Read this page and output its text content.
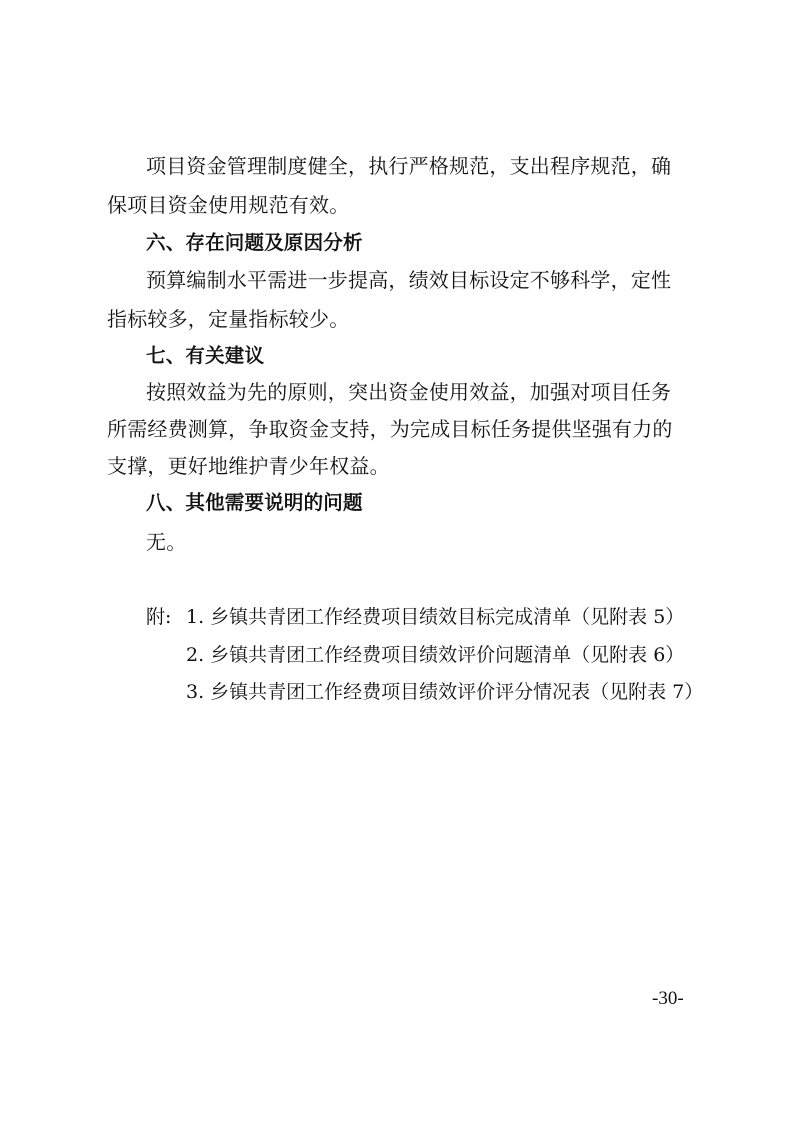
项目资金管理制度健全，执行严格规范，支出程序规范，确
保项目资金使用规范有效。
六、存在问题及原因分析
预算编制水平需进一步提高，绩效目标设定不够科学，定性
指标较多，定量指标较少。
七、有关建议
按照效益为先的原则，突出资金使用效益，加强对项目任务
所需经费测算，争取资金支持，为完成目标任务提供坚强有力的
支撑，更好地维护青少年权益。
八、其他需要说明的问题
无。
附: 1. 乡镇共青团工作经费项目绩效目标完成清单（见附表 5）
2. 乡镇共青团工作经费项目绩效评价问题清单（见附表 6）
3. 乡镇共青团工作经费项目绩效评价评分情况表（见附表 7）
-30-
